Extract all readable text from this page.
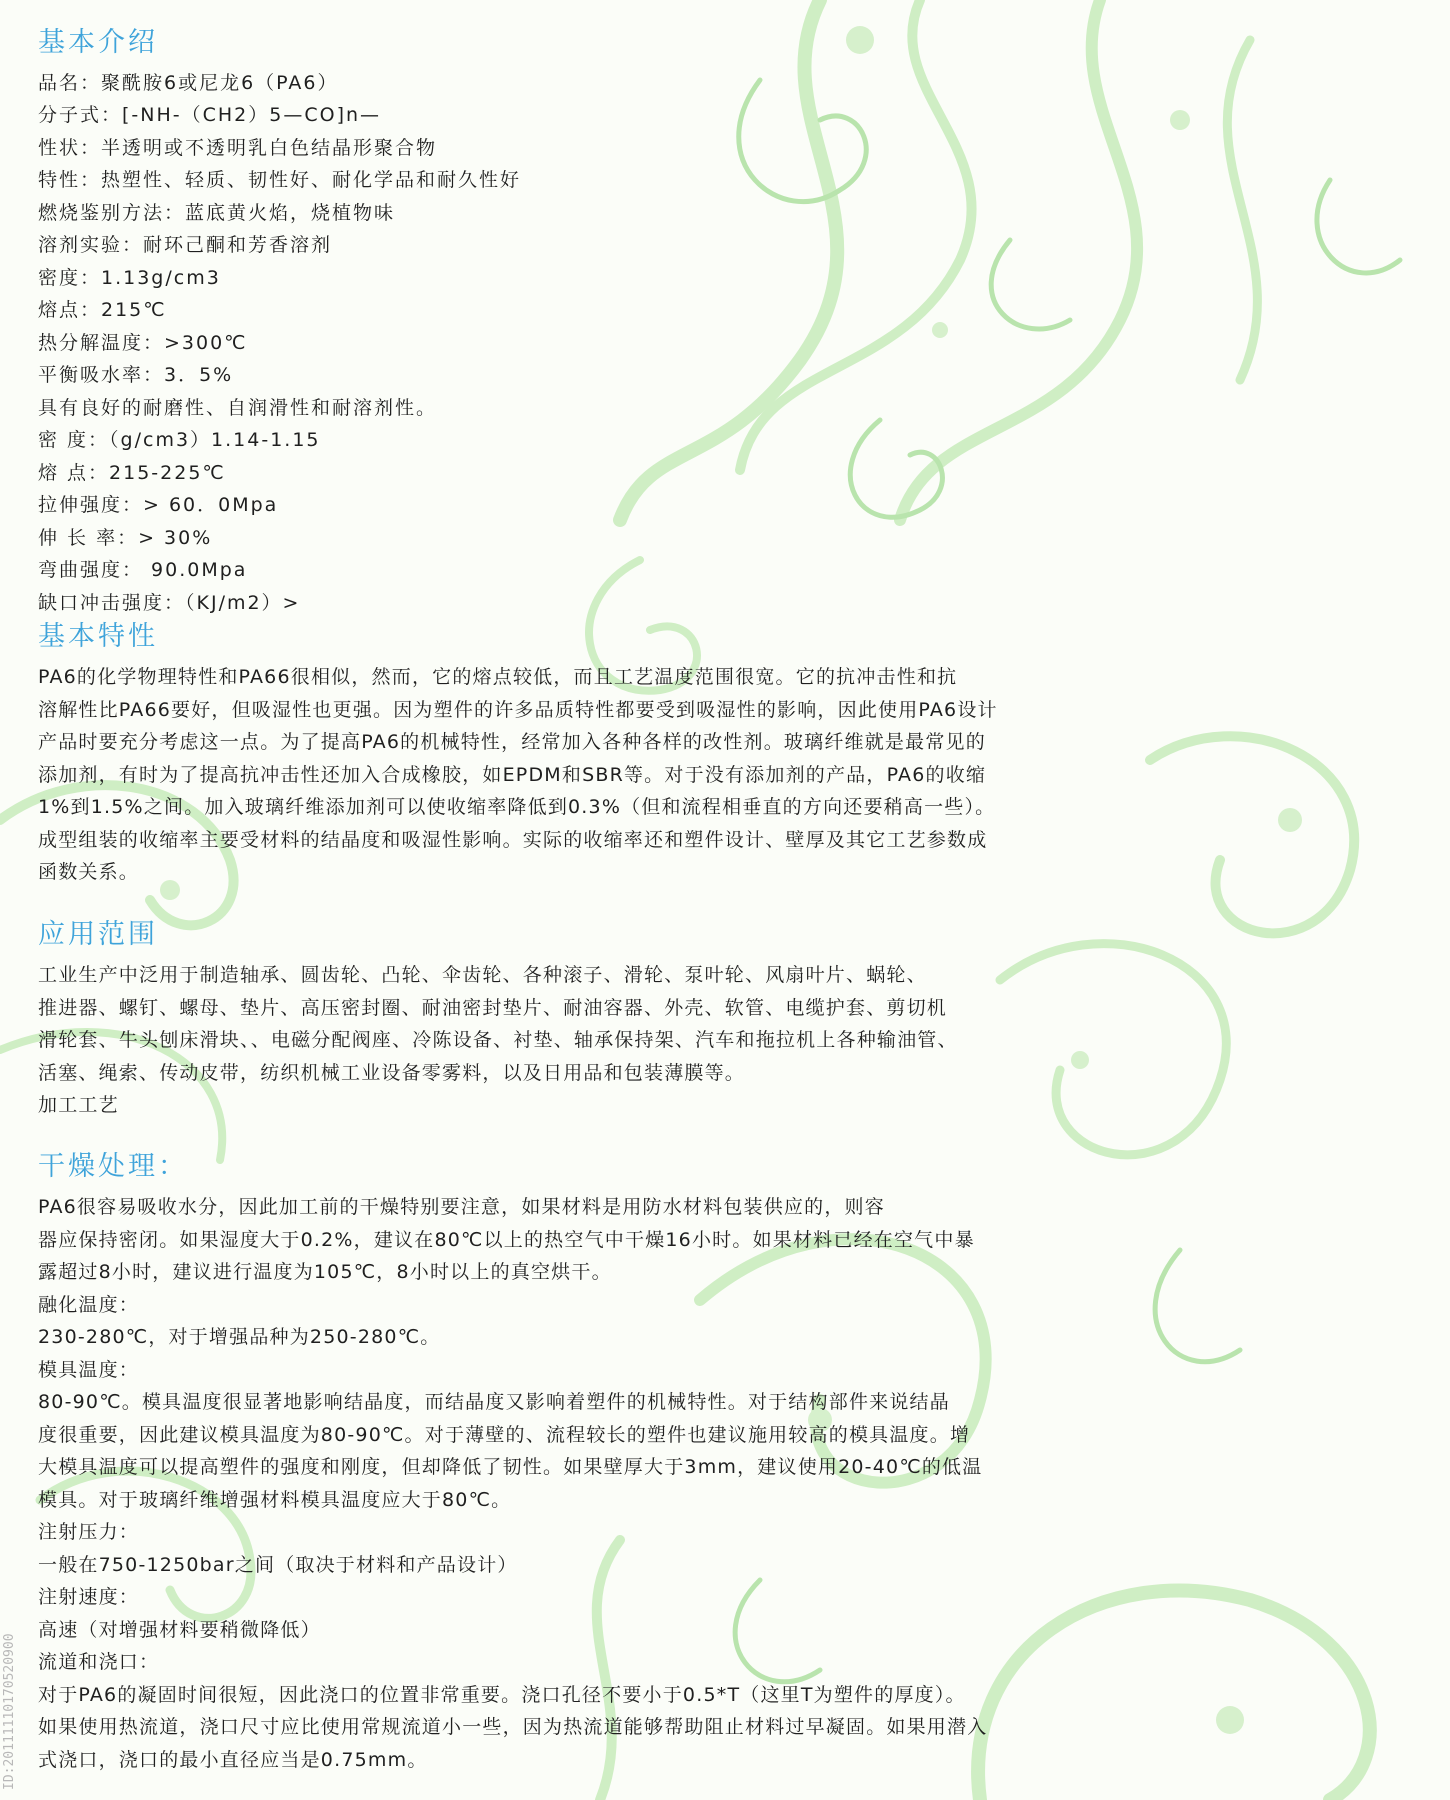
基本介绍
品名：聚酰胺6或尼龙6（PA6）
分子式：[-NH-（CH2）5—CO]n—
性状：半透明或不透明乳白色结晶形聚合物
特性：热塑性、轻质、韧性好、耐化学品和耐久性好
燃烧鉴别方法：蓝底黄火焰，烧植物味
溶剂实验：耐环己酮和芳香溶剂
密度：1.13g/cm3
熔点：215℃
热分解温度：>300℃
平衡吸水率：3．5%
具有良好的耐磨性、自润滑性和耐溶剂性。
密 度：（g/cm3）1.14-1.15
熔 点：215-225℃
拉伸强度：> 60．0Mpa
伸 长 率：> 30%
弯曲强度： 90.0Mpa
缺口冲击强度：（KJ/m2）>
基本特性
PA6的化学物理特性和PA66很相似，然而，它的熔点较低，而且工艺温度范围很宽。它的抗冲击性和抗
溶解性比PA66要好，但吸湿性也更强。因为塑件的许多品质特性都要受到吸湿性的影响，因此使用PA6设计
产品时要充分考虑这一点。为了提高PA6的机械特性，经常加入各种各样的改性剂。玻璃纤维就是最常见的
添加剂，有时为了提高抗冲击性还加入合成橡胶，如EPDM和SBR等。对于没有添加剂的产品，PA6的收缩
1%到1.5%之间。加入玻璃纤维添加剂可以使收缩率降低到0.3%（但和流程相垂直的方向还要稍高一些）。
成型组装的收缩率主要受材料的结晶度和吸湿性影响。实际的收缩率还和塑件设计、壁厚及其它工艺参数成
函数关系。
应用范围
工业生产中泛用于制造轴承、圆齿轮、凸轮、伞齿轮、各种滚子、滑轮、泵叶轮、风扇叶片、蜗轮、
推进器、螺钉、螺母、垫片、高压密封圈、耐油密封垫片、耐油容器、外壳、软管、电缆护套、剪切机
滑轮套、牛头刨床滑块、、电磁分配阀座、冷陈设备、衬垫、轴承保持架、汽车和拖拉机上各种输油管、
活塞、绳索、传动皮带，纺织机械工业设备零雾料，以及日用品和包装薄膜等。
加工工艺
干燥处理：
PA6很容易吸收水分，因此加工前的干燥特别要注意，如果材料是用防水材料包装供应的，则容
器应保持密闭。如果湿度大于0.2%，建议在80℃以上的热空气中干燥16小时。如果材料已经在空气中暴
露超过8小时，建议进行温度为105℃，8小时以上的真空烘干。
融化温度：
230-280℃，对于增强品种为250-280℃。
模具温度：
80-90℃。模具温度很显著地影响结晶度，而结晶度又影响着塑件的机械特性。对于结构部件来说结晶
度很重要，因此建议模具温度为80-90℃。对于薄壁的、流程较长的塑件也建议施用较高的模具温度。增
大模具温度可以提高塑件的强度和刚度，但却降低了韧性。如果壁厚大于3mm，建议使用20-40℃的低温
模具。对于玻璃纤维增强材料模具温度应大于80℃。
注射压力：
一般在750-1250bar之间（取决于材料和产品设计）
注射速度：
高速（对增强材料要稍微降低）
流道和浇口：
对于PA6的凝固时间很短，因此浇口的位置非常重要。浇口孔径不要小于0.5*T（这里T为塑件的厚度）。
如果使用热流道，浇口尺寸应比使用常规流道小一些，因为热流道能够帮助阻止材料过早凝固。如果用潜入
式浇口，浇口的最小直径应当是0.75mm。
ID:20111110170520900
